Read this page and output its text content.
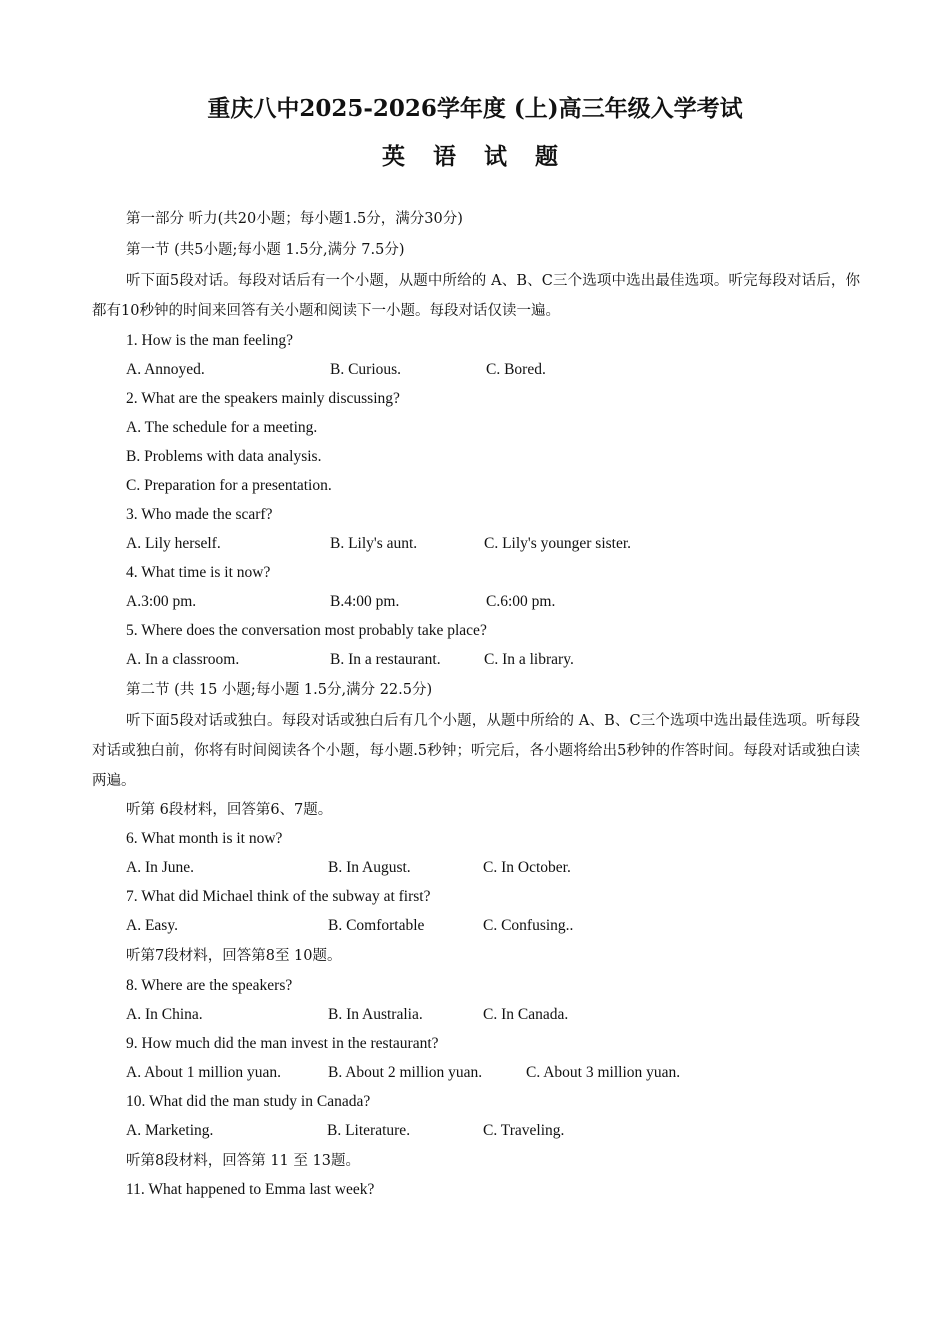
重庆八中2025-2026学年度 (上)高三年级入学考试
英 语 试 题
第一部分 听力(共20小题；每小题1.5分，满分30分)
第一节 (共5小题;每小题 1.5分,满分 7.5分)
听下面5段对话。每段对话后有一个小题，从题中所给的 A、B、C三个选项中选出最佳选项。听完每段对话后，你都有10秒钟的时间来回答有关小题和阅读下一小题。每段对话仅读一遍。
1. How is the man feeling?
A. Annoyed.	B. Curious.	C. Bored.
2. What are the speakers mainly discussing?
A. The schedule for a meeting.
B. Problems with data analysis.
C. Preparation for a presentation.
3. Who made the scarf?
A. Lily herself.	B. Lily's aunt.	C. Lily's younger sister.
4. What time is it now?
A.3:00 pm.	B.4:00 pm.	C.6:00 pm.
5. Where does the conversation most probably take place?
A. In a classroom.	B. In a restaurant.	C. In a library.
第二节 (共 15 小题;每小题 1.5分,满分 22.5分)
听下面5段对话或独白。每段对话或独白后有几个小题，从题中所给的 A、B、C三个选项中选出最佳选项。听每段对话或独白前，你将有时间阅读各个小题，每小题.5秒钟；听完后，各小题将给出5秒钟的作答时间。每段对话或独白读两遍。
听第 6段材料，回答第6、7题。
6. What month is it now?
A. In June.	B. In August.	C. In October.
7. What did Michael think of the subway at first?
A. Easy.	B. Comfortable	C. Confusing..
听第7段材料，回答第8至 10题。
8. Where are the speakers?
A. In China.	B. In Australia.	C. In Canada.
9. How much did the man invest in the restaurant?
A. About 1 million yuan.	B. About 2 million yuan.	C. About 3 million yuan.
10. What did the man study in Canada?
A. Marketing.	B. Literature.	C. Traveling.
听第8段材料，回答第 11 至 13题。
11. What happened to Emma last week?
